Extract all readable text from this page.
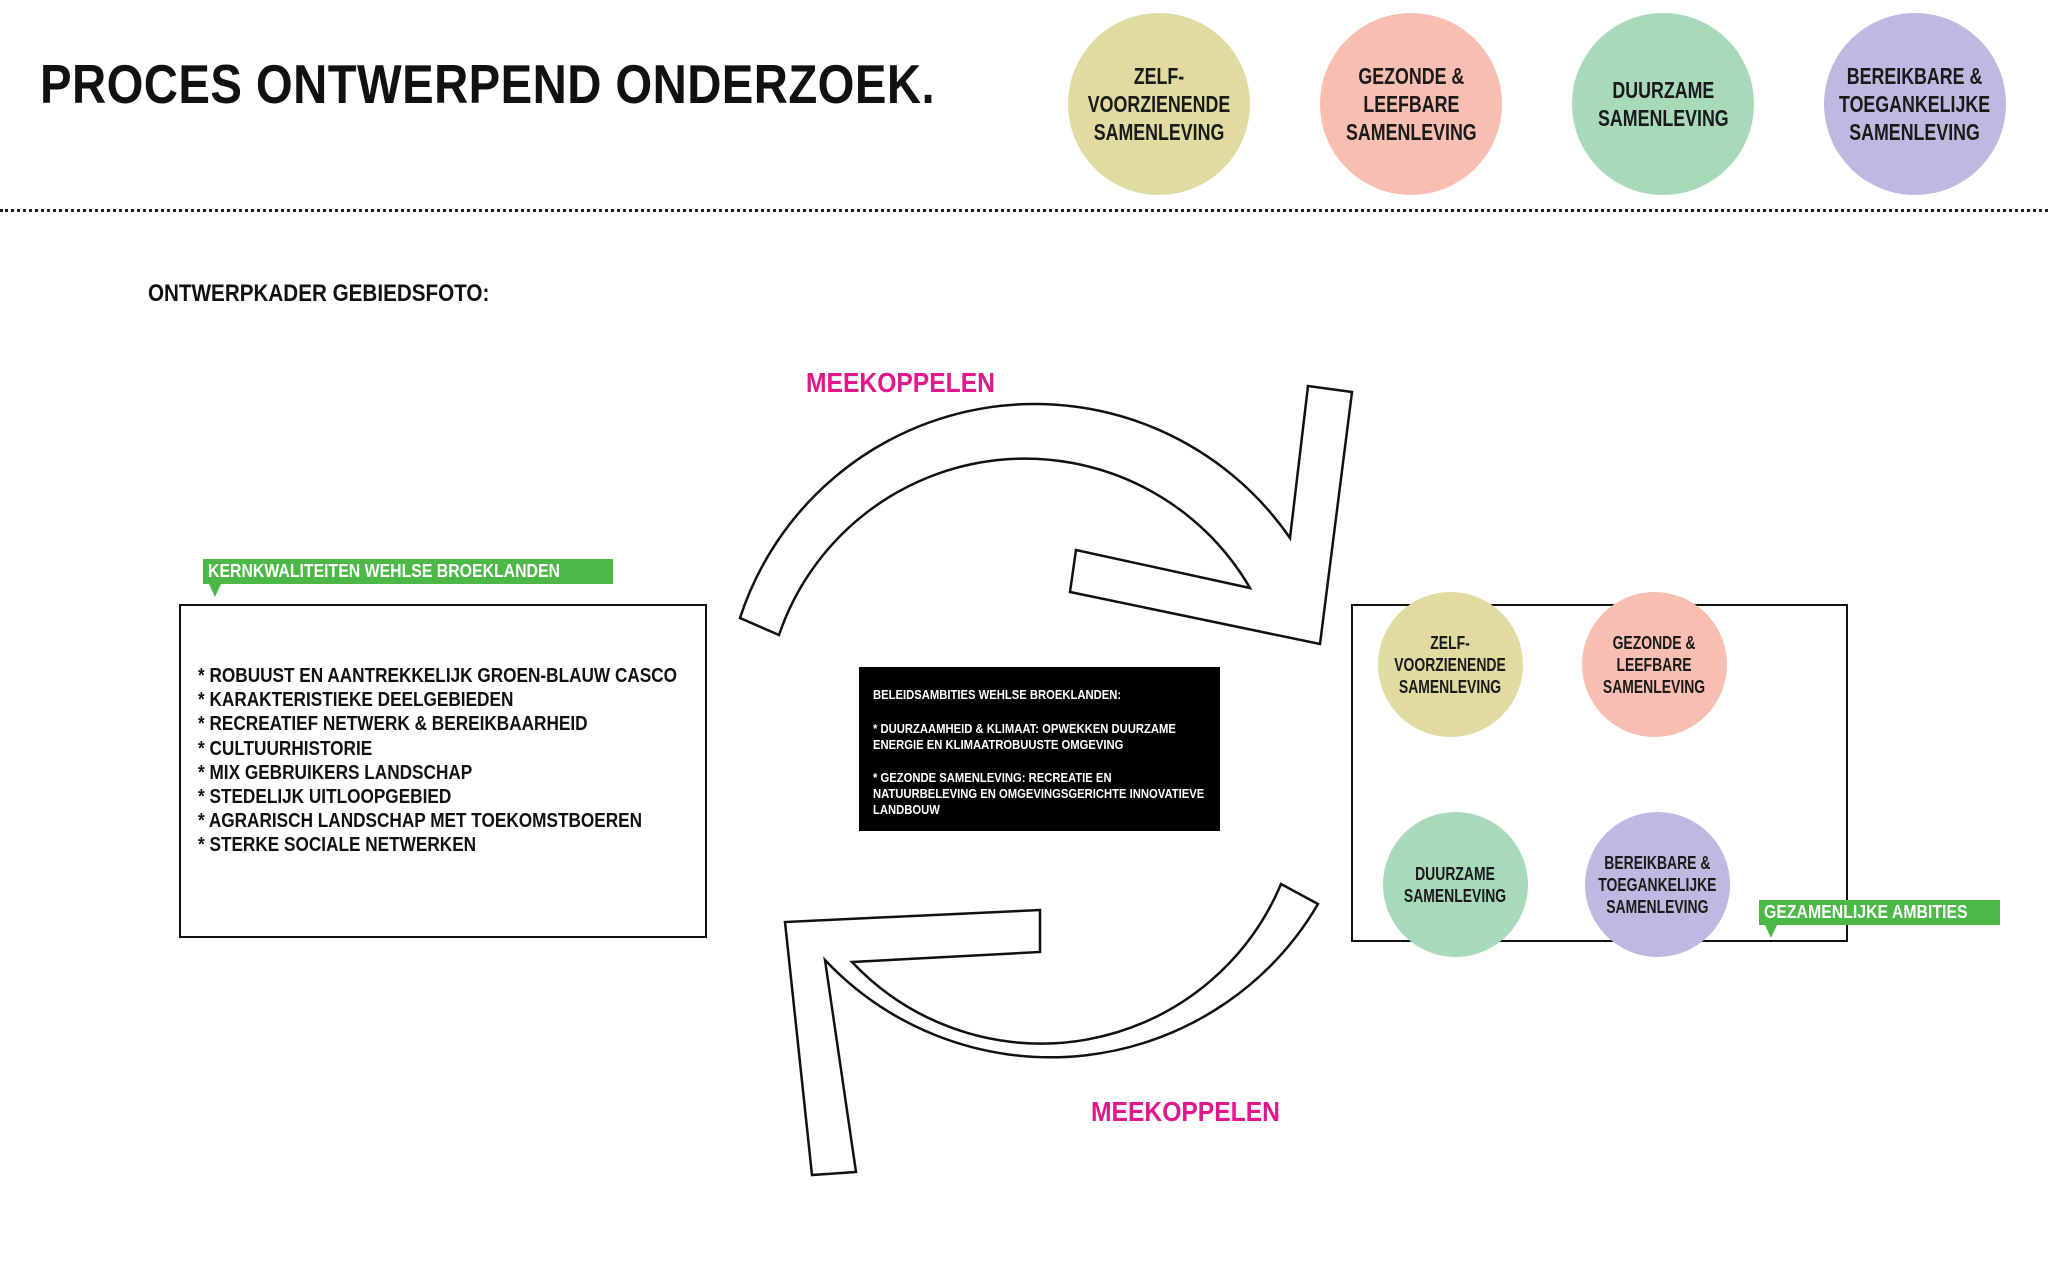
PROCES ONTWERPEND ONDERZOEK.	ZELF-
VOORZIENENDE
SAMENLEVING
GEZONDE &
LEEFBARE
SAMENLEVING
DUURZAME
SAMENLEVING
BEREIKBARE &
TOEGANKELIJKE
SAMENLEVING
ONTWERPKADER GEBIEDSFOTO:
MEEKOPPELEN
MEEKOPPELEN
KERNKWALITEITEN WEHLSE BROEKLANDEN
* ROBUUST EN AANTREKKELIJK GROEN-BLAUW CASCO
* KARAKTERISTIEKE DEELGEBIEDEN
* RECREATIEF NETWERK & BEREIKBAARHEID
* CULTUURHISTORIE
* MIX GEBRUIKERS LANDSCHAP
* STEDELIJK UITLOOPGEBIED
* AGRARISCH LANDSCHAP MET TOEKOMSTBOEREN
* STERKE SOCIALE NETWERKEN
BELEIDSAMBITIES WEHLSE BROEKLANDEN:
* DUURZAAMHEID & KLIMAAT: OPWEKKEN DUURZAME ENERGIE EN KLIMAATROBUUSTE OMGEVING
* GEZONDE SAMENLEVING: RECREATIE EN NATUURBELEVING EN OMGEVINGSGERICHTE INNOVATIEVE LANDBOUW
ZELF-
VOORZIENENDE
SAMENLEVING
GEZONDE &
LEEFBARE
SAMENLEVING
DUURZAME
SAMENLEVING
BEREIKBARE &
TOEGANKELIJKE
SAMENLEVING	GEZAMENLIJKE AMBITIES
